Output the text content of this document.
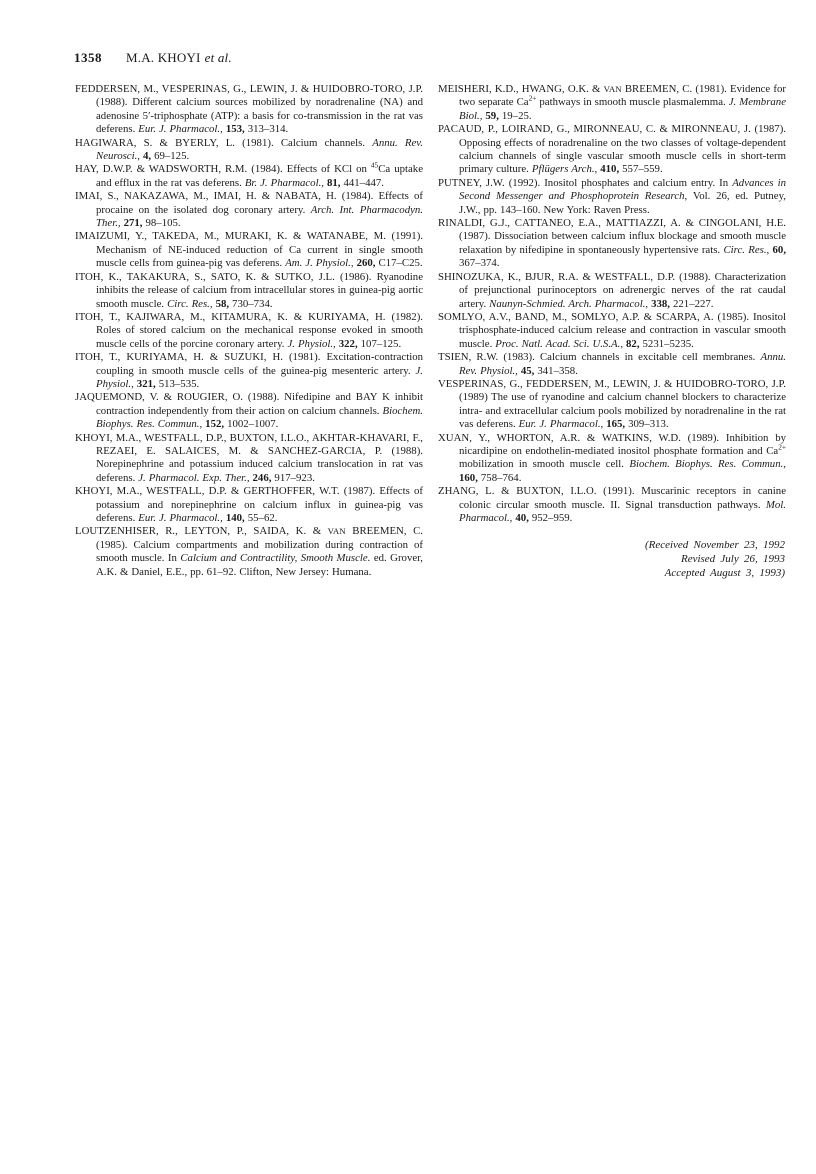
1358 M.A. KHOYI et al.

FEDDERSEN, M., VESPERINAS, G., LEWIN, J. & HUIDOBRO-TORO, J.P. (1988). Different calcium sources mobilized by noradrenaline (NA) and adenosine 5′-triphosphate (ATP): a basis for co-transmission in the rat vas deferens. Eur. J. Pharmacol., 153, 313–314.

HAGIWARA, S. & BYERLY, L. (1981). Calcium channels. Annu. Rev. Neurosci., 4, 69–125.

HAY, D.W.P. & WADSWORTH, R.M. (1984). Effects of KCl on $^{45}$Ca uptake and efflux in the rat vas deferens. Br. J. Pharmacol., 81, 441–447.

IMAI, S., NAKAZAWA, M., IMAI, H. & NABATA, H. (1984). Effects of procaine on the isolated dog coronary artery. Arch. Int. Pharmacodyn. Ther., 271, 98–105.

IMAIZUMI, Y., TAKEDA, M., MURAKI, K. & WATANABE, M. (1991). Mechanism of NE-induced reduction of Ca current in single smooth muscle cells from guinea-pig vas deferens. Am. J. Physiol., 260, C17–C25.

ITOH, K., TAKAKURA, S., SATO, K. & SUTKO, J.L. (1986). Ryanodine inhibits the release of calcium from intracellular stores in guinea-pig aortic smooth muscle. Circ. Res., 58, 730–734.

ITOH, T., KAJIWARA, M., KITAMURA, K. & KURIYAMA, H. (1982). Roles of stored calcium on the mechanical response evoked in smooth muscle cells of the porcine coronary artery. J. Physiol., 322, 107–125.

ITOH, T., KURIYAMA, H. & SUZUKI, H. (1981). Excitation-contraction coupling in smooth muscle cells of the guinea-pig mesenteric artery. J. Physiol., 321, 513–535.

JAQUEMOND, V. & ROUGIER, O. (1988). Nifedipine and BAY K inhibit contraction independently from their action on calcium channels. Biochem. Biophys. Res. Commun., 152, 1002–1007.

KHOYI, M.A., WESTFALL, D.P., BUXTON, I.L.O., AKHTAR-KHAVARI, F., REZAEI, E. SALAICES, M. & SANCHEZ-GARCIA, P. (1988). Norepinephrine and potassium induced calcium translocation in rat vas deferens. J. Pharmacol. Exp. Ther., 246, 917–923.

KHOYI, M.A., WESTFALL, D.P. & GERTHOFFER, W.T. (1987). Effects of potassium and norepinephrine on calcium influx in guinea-pig vas deferens. Eur. J. Pharmacol., 140, 55–62.

LOUTZENHISER, R., LEYTON, P., SAIDA, K. & VAN BREEMEN, C. (1985). Calcium compartments and mobilization during contraction of smooth muscle. In Calcium and Contractility, Smooth Muscle. ed. Grover, A.K. & Daniel, E.E., pp. 61–92. Clifton, New Jersey: Humana.

MEISHERI, K.D., HWANG, O.K. & VAN BREEMEN, C. (1981). Evidence for two separate $Ca^{2+}$ pathways in smooth muscle plasmalemma. J. Membrane Biol., 59, 19–25.

PACAUD, P., LOIRAND, G., MIRONNEAU, C. & MIRONNEAU, J. (1987). Opposing effects of noradrenaline on the two classes of voltage-dependent calcium channels of single vascular smooth muscle cells in short-term primary culture. Pflügers Arch., 410, 557–559.

PUTNEY, J.W. (1992). Inositol phosphates and calcium entry. In Advances in Second Messenger and Phosphoprotein Research, Vol. 26, ed. Putney, J.W., pp. 143–160. New York: Raven Press.

RINALDI, G.J., CATTANEO, E.A., MATTIAZZI, A. & CINGOLANI, H.E. (1987). Dissociation between calcium influx blockage and smooth muscle relaxation by nifedipine in spontaneously hypertensive rats. Circ. Res., 60, 367–374.

SHINOZUKA, K., BJUR, R.A. & WESTFALL, D.P. (1988). Characterization of prejunctional purinoceptors on adrenergic nerves of the rat caudal artery. Naunyn-Schmied. Arch. Pharmacol., 338, 221–227.

SOMLYO, A.V., BAND, M., SOMLYO, A.P. & SCARPA, A. (1985). Inositol trisphosphate-induced calcium release and contraction in vascular smooth muscle. Proc. Natl. Acad. Sci. U.S.A., 82, 5231–5235.

TSIEN, R.W. (1983). Calcium channels in excitable cell membranes. Annu. Rev. Physiol., 45, 341–358.

VESPERINAS, G., FEDDERSEN, M., LEWIN, J. & HUIDOBRO-TORO, J.P. (1989) The use of ryanodine and calcium channel blockers to characterize intra- and extracellular calcium pools mobilized by noradrenaline in the rat vas deferens. Eur. J. Pharmacol., 165, 309–313.

XUAN, Y., WHORTON, A.R. & WATKINS, W.D. (1989). Inhibition by nicardipine on endothelin-mediated inositol phosphate formation and $Ca^{2+}$ mobilization in smooth muscle cell. Biochem. Biophys. Res. Commun., 160, 758–764.

ZHANG, L. & BUXTON, I.L.O. (1991). Muscarinic receptors in canine colonic circular smooth muscle. II. Signal transduction pathways. Mol. Pharmacol., 40, 952–959.

(Received November 23, 1992
Revised July 26, 1993
Accepted August 3, 1993)
